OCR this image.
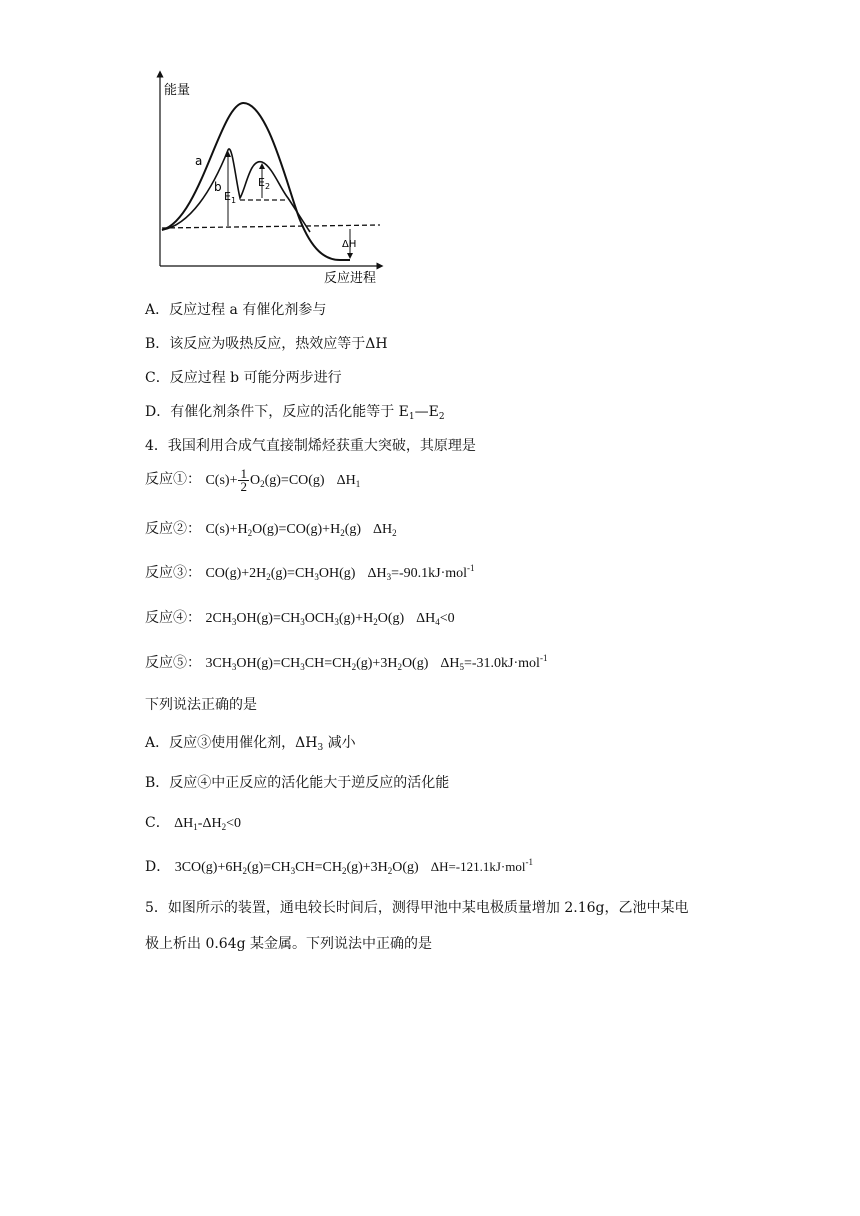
能量
反应进程
a
b
$E_1$
$E_2$
ΔH
A．反应过程 a 有催化剂参与
B．该反应为吸热反应，热效应等于ΔH
C．反应过程 b 可能分两步进行
D．有催化剂条件下，反应的活化能等于 $E_1—E_2$
4．我国利用合成气直接制烯烃获重大突破，其原理是
反应①： $C(s)+ \frac{1}{2} O_2(g)=CO(g)$ $\Delta H_1$
反应②： $C(s)+H_2O(g)=CO(g)+H_2(g)$ $\Delta H_2$
反应③： $CO(g)+2H_2(g)=CH_3OH(g)$ $\Delta H_3=-90.1kJ\cdot mol^{-1}$
反应④： $2CH_3OH(g)=CH_3OCH_3(g)+H_2O(g)$ $\Delta H_4<0$
反应⑤： $3CH_3OH(g)=CH_3CH=CH_2(g)+3H_2O(g)$ $\Delta H_5=-31.0kJ\cdot mol^{-1}$
下列说法正确的是
A．反应③使用催化剂，$\Delta H_3$ 减小
B．反应④中正反应的活化能大于逆反应的活化能
C． $\Delta H_1-\Delta H_2<0$
D． $3CO(g)+6H_2(g)=CH_3CH=CH_2(g)+3H_2O(g)$ ΔH=-121.1kJ·mol$^{-1}$
5．如图所示的装置，通电较长时间后，测得甲池中某电极质量增加 2.16g，乙池中某电
极上析出 0.64g 某金属。下列说法中正确的是
